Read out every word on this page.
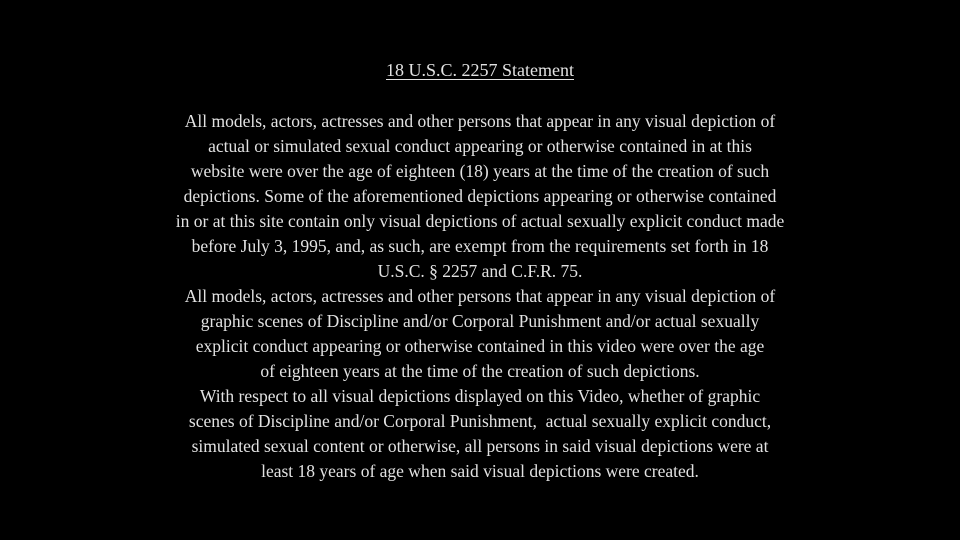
18 U.S.C. 2257 Statement
All models, actors, actresses and other persons that appear in any visual depiction of
actual or simulated sexual conduct appearing or otherwise contained in at this
website were over the age of eighteen (18) years at the time of the creation of such
depictions. Some of the aforementioned depictions appearing or otherwise contained
in or at this site contain only visual depictions of actual sexually explicit conduct made
before July 3, 1995, and, as such, are exempt from the requirements set forth in 18
U.S.C. § 2257 and C.F.R. 75.
All models, actors, actresses and other persons that appear in any visual depiction of
graphic scenes of Discipline and/or Corporal Punishment and/or actual sexually
explicit conduct appearing or otherwise contained in this video were over the age
of eighteen years at the time of the creation of such depictions.
With respect to all visual depictions displayed on this Video, whether of graphic
scenes of Discipline and/or Corporal Punishment,  actual sexually explicit conduct,
simulated sexual content or otherwise, all persons in said visual depictions were at
least 18 years of age when said visual depictions were created.
